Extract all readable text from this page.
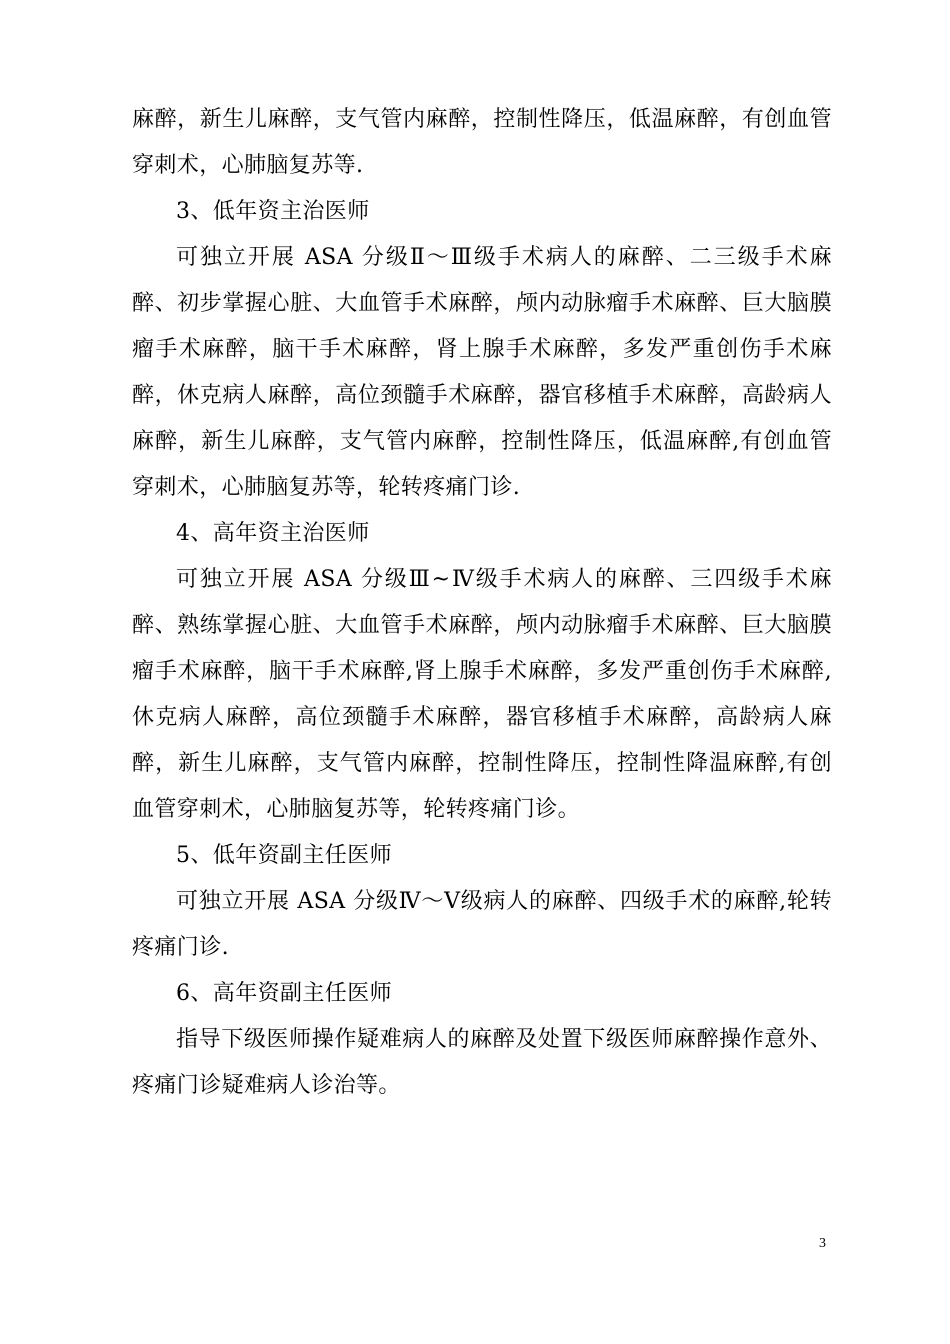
麻醉，新生儿麻醉，支气管内麻醉，控制性降压，低温麻醉，有创血管穿刺术，心肺脑复苏等.

3、低年资主治医师

可独立开展 ASA 分级Ⅱ～Ⅲ级手术病人的麻醉、二三级手术麻醉、初步掌握心脏、大血管手术麻醉，颅内动脉瘤手术麻醉、巨大脑膜瘤手术麻醉，脑干手术麻醉，肾上腺手术麻醉，多发严重创伤手术麻醉，休克病人麻醉，高位颈髓手术麻醉，器官移植手术麻醉，高龄病人麻醉，新生儿麻醉，支气管内麻醉，控制性降压，低温麻醉,有创血管穿刺术，心肺脑复苏等，轮转疼痛门诊.

4、高年资主治医师

可独立开展 ASA 分级Ⅲ~Ⅳ级手术病人的麻醉、三四级手术麻醉、熟练掌握心脏、大血管手术麻醉，颅内动脉瘤手术麻醉、巨大脑膜瘤手术麻醉，脑干手术麻醉,肾上腺手术麻醉，多发严重创伤手术麻醉,休克病人麻醉，高位颈髓手术麻醉，器官移植手术麻醉，高龄病人麻醉，新生儿麻醉，支气管内麻醉，控制性降压，控制性降温麻醉,有创血管穿刺术，心肺脑复苏等，轮转疼痛门诊。

5、低年资副主任医师

可独立开展 ASA 分级Ⅳ～Ⅴ级病人的麻醉、四级手术的麻醉,轮转疼痛门诊.

6、高年资副主任医师

指导下级医师操作疑难病人的麻醉及处置下级医师麻醉操作意外、疼痛门诊疑难病人诊治等。

3
